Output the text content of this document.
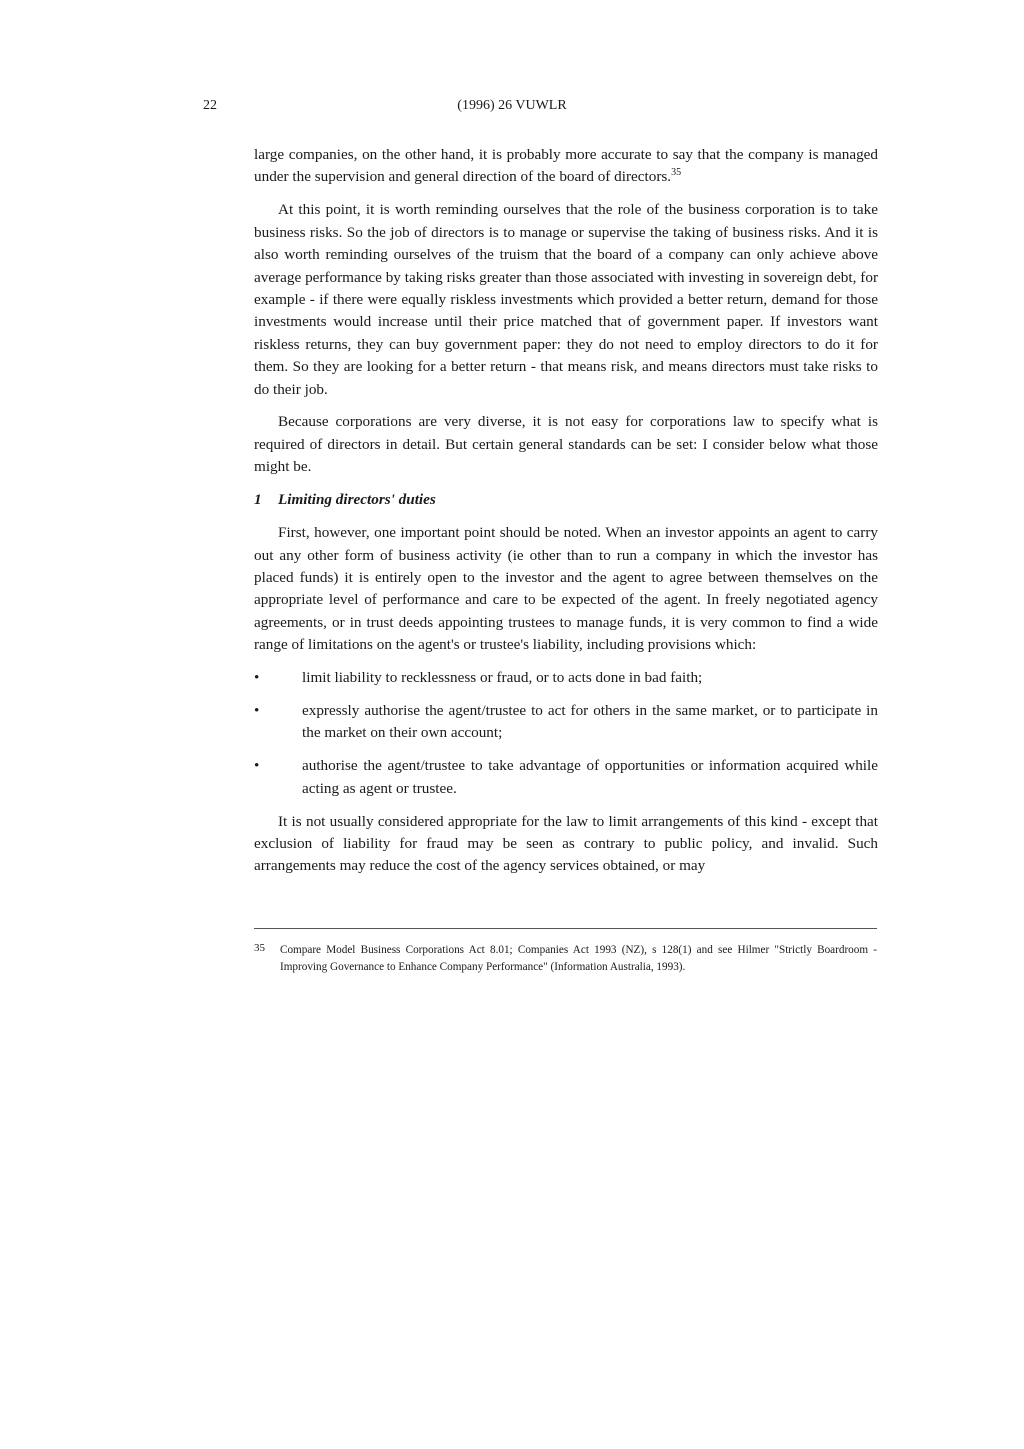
22	(1996) 26 VUWLR

large companies, on the other hand, it is probably more accurate to say that the company is managed under the supervision and general direction of the board of directors.$^{35}$

At this point, it is worth reminding ourselves that the role of the business corporation is to take business risks. So the job of directors is to manage or supervise the taking of business risks. And it is also worth reminding ourselves of the truism that the board of a company can only achieve above average performance by taking risks greater than those associated with investing in sovereign debt, for example - if there were equally riskless investments which provided a better return, demand for those investments would increase until their price matched that of government paper. If investors want riskless returns, they can buy government paper: they do not need to employ directors to do it for them. So they are looking for a better return - that means risk, and means directors must take risks to do their job.

Because corporations are very diverse, it is not easy for corporations law to specify what is required of directors in detail. But certain general standards can be set: I consider below what those might be.

1 Limiting directors' duties

First, however, one important point should be noted. When an investor appoints an agent to carry out any other form of business activity (ie other than to run a company in which the investor has placed funds) it is entirely open to the investor and the agent to agree between themselves on the appropriate level of performance and care to be expected of the agent. In freely negotiated agency agreements, or in trust deeds appointing trustees to manage funds, it is very common to find a wide range of limitations on the agent's or trustee's liability, including provisions which:

•	limit liability to recklessness or fraud, or to acts done in bad faith;
•	expressly authorise the agent/trustee to act for others in the same market, or to participate in the market on their own account;
•	authorise the agent/trustee to take advantage of opportunities or information acquired while acting as agent or trustee.

It is not usually considered appropriate for the law to limit arrangements of this kind - except that exclusion of liability for fraud may be seen as contrary to public policy, and invalid. Such arrangements may reduce the cost of the agency services obtained, or may

35 Compare Model Business Corporations Act 8.01; Companies Act 1993 (NZ), s 128(1) and see Hilmer "Strictly Boardroom - Improving Governance to Enhance Company Performance" (Information Australia, 1993).
